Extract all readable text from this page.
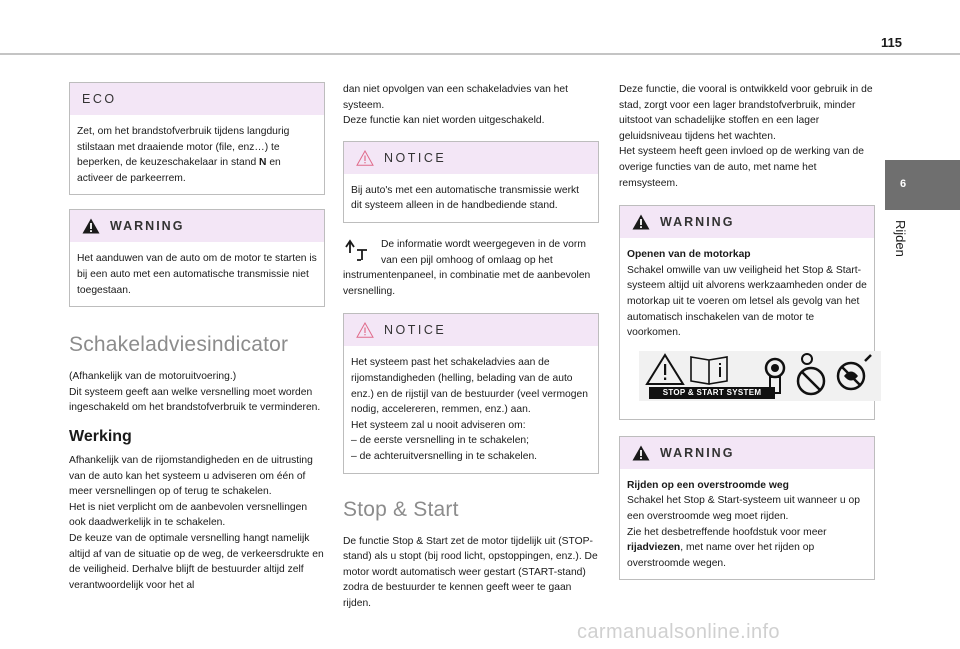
115
6
Rijden
ECO
Zet, om het brandstofverbruik tijdens langdurig stilstaan met draaiende motor (file, enz…) te beperken, de keuzeschakelaar in stand N en activeer de parkeerrem.
WARNING
Het aanduwen van de auto om de motor te starten is bij een auto met een automatische transmissie niet toegestaan.
Schakeladviesindicator

(Afhankelijk van de motoruitvoering.)

Dit systeem geeft aan welke versnelling moet worden ingeschakeld om het brandstofverbruik te verminderen.

Werking

Afhankelijk van de rijomstandigheden en de uitrusting van de auto kan het systeem u adviseren om één of meer versnellingen op of terug te schakelen.

Het is niet verplicht om de aanbevolen versnellingen ook daadwerkelijk in te schakelen.

De keuze van de optimale versnelling hangt namelijk altijd af van de situatie op de weg, de verkeersdrukte en de veiligheid. Derhalve blijft de bestuurder altijd zelf verantwoordelijk voor het al

dan niet opvolgen van een schakeladvies van het systeem.

Deze functie kan niet worden uitgeschakeld.

NOTICE
Bij auto's met een automatische transmissie werkt dit systeem alleen in de handbediende stand.
De informatie wordt weergegeven in de vorm van een pijl omhoog of omlaag op het instrumentenpaneel, in combinatie met de aanbevolen versnelling.
NOTICE
Het systeem past het schakeladvies aan de rijomstandigheden (helling, belading van de auto enz.) en de rijstijl van de bestuurder (veel vermogen nodig, accelereren, remmen, enz.) aan.
Het systeem zal u nooit adviseren om:
– de eerste versnelling in te schakelen;
– de achteruitversnelling in te schakelen.
Stop & Start

De functie Stop & Start zet de motor tijdelijk uit (STOP-stand) als u stopt (bij rood licht, opstoppingen, enz.). De motor wordt automatisch weer gestart (START-stand) zodra de bestuurder te kennen geeft weer te gaan rijden.

Deze functie, die vooral is ontwikkeld voor gebruik in de stad, zorgt voor een lager brandstofverbruik, minder uitstoot van schadelijke stoffen en een lager geluidsniveau tijdens het wachten.

Het systeem heeft geen invloed op de werking van de overige functies van de auto, met name het remsysteem.

WARNING
Openen van de motorkap
Schakel omwille van uw veiligheid het Stop & Start-systeem altijd uit alvorens werkzaamheden onder de motorkap uit te voeren om letsel als gevolg van het automatisch inschakelen van de motor te voorkomen.
STOP & START SYSTEM
WARNING
Rijden op een overstroomde weg
Schakel het Stop & Start-systeem uit wanneer u op een overstroomde weg moet rijden.
Zie het desbetreffende hoofdstuk voor meer rijadviezen, met name over het rijden op overstroomde wegen.
carmanualsonline.info
